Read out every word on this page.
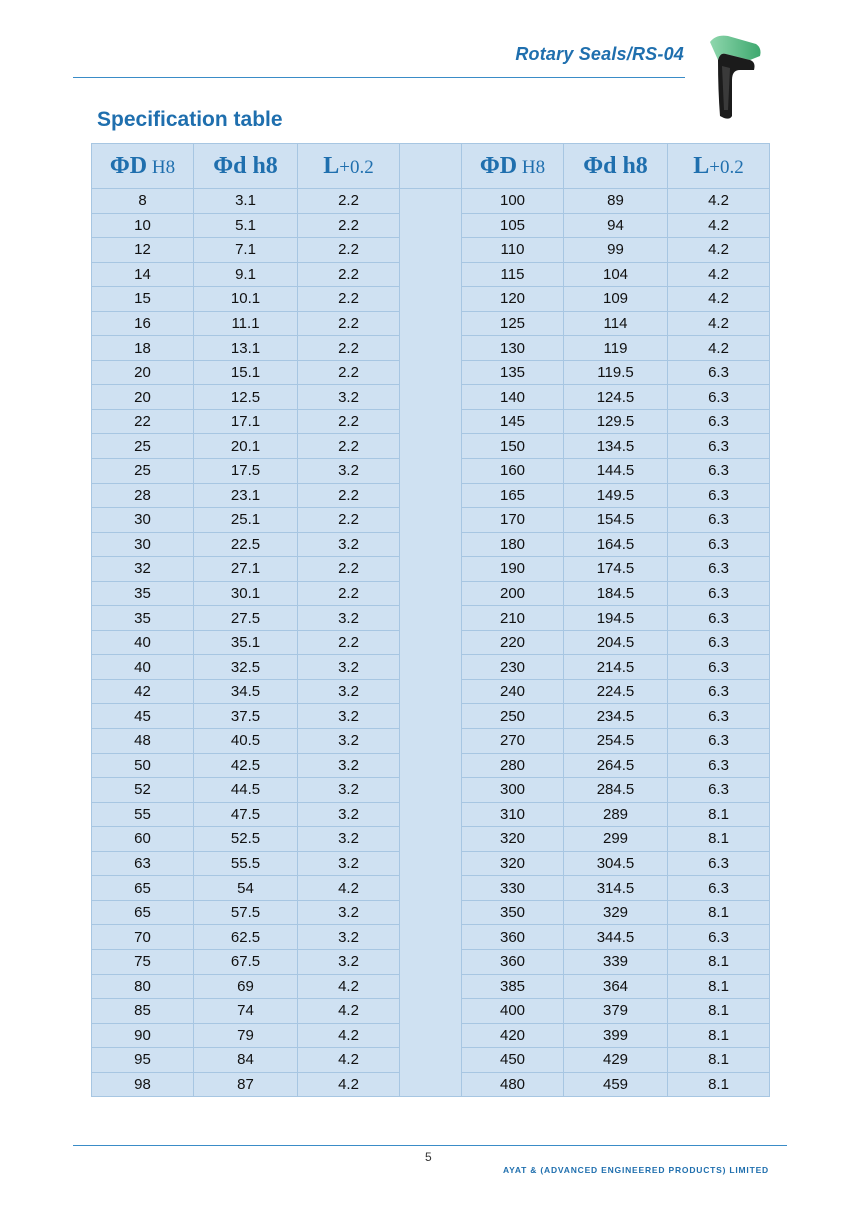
Rotary Seals/RS-04
Specification table
ΦD H8	Φd h8	L+0.2		ΦD H8	Φd h8	L+0.2
8	3.1	2.2		100	89	4.2
10	5.1	2.2		105	94	4.2
12	7.1	2.2		110	99	4.2
14	9.1	2.2		115	104	4.2
15	10.1	2.2		120	109	4.2
16	11.1	2.2		125	114	4.2
18	13.1	2.2		130	119	4.2
20	15.1	2.2		135	119.5	6.3
20	12.5	3.2		140	124.5	6.3
22	17.1	2.2		145	129.5	6.3
25	20.1	2.2		150	134.5	6.3
25	17.5	3.2		160	144.5	6.3
28	23.1	2.2		165	149.5	6.3
30	25.1	2.2		170	154.5	6.3
30	22.5	3.2		180	164.5	6.3
32	27.1	2.2		190	174.5	6.3
35	30.1	2.2		200	184.5	6.3
35	27.5	3.2		210	194.5	6.3
40	35.1	2.2		220	204.5	6.3
40	32.5	3.2		230	214.5	6.3
42	34.5	3.2		240	224.5	6.3
45	37.5	3.2		250	234.5	6.3
48	40.5	3.2		270	254.5	6.3
50	42.5	3.2		280	264.5	6.3
52	44.5	3.2		300	284.5	6.3
55	47.5	3.2		310	289	8.1
60	52.5	3.2		320	299	8.1
63	55.5	3.2		320	304.5	6.3
65	54	4.2		330	314.5	6.3
65	57.5	3.2		350	329	8.1
70	62.5	3.2		360	344.5	6.3
75	67.5	3.2		360	339	8.1
80	69	4.2		385	364	8.1
85	74	4.2		400	379	8.1
90	79	4.2		420	399	8.1
95	84	4.2		450	429	8.1
98	87	4.2		480	459	8.1
5
AYAT & (ADVANCED ENGINEERED PRODUCTS) LIMITED
